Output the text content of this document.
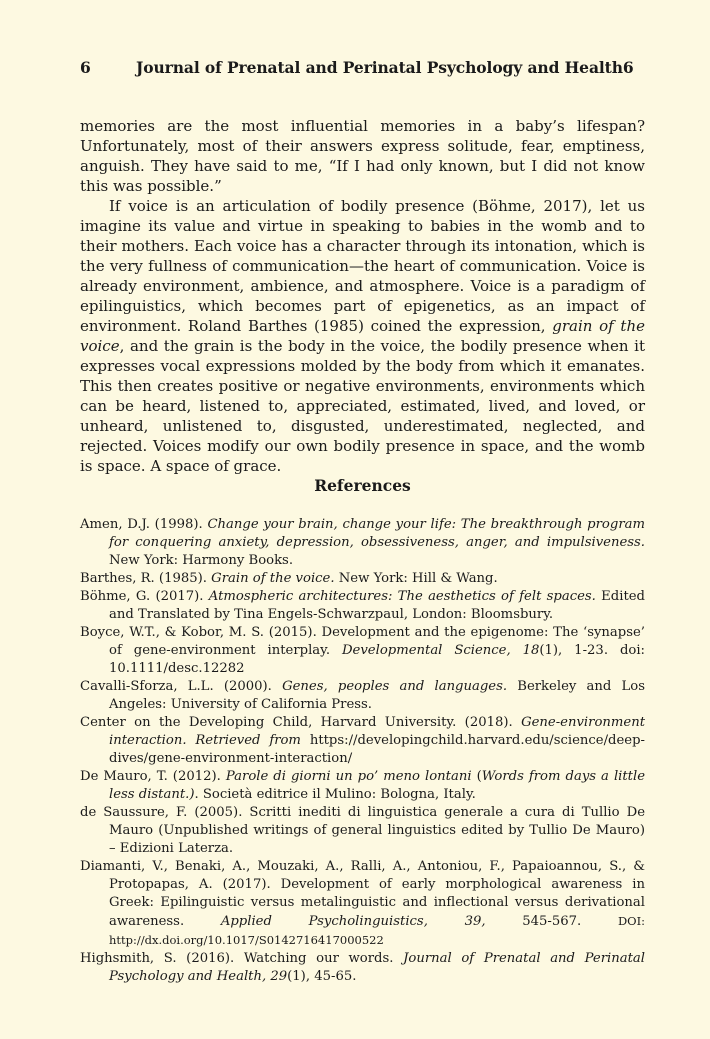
6	Journal of Prenatal and Perinatal Psychology and Health6

memories are the most influential memories in a baby’s lifespan? Unfortunately, most of their answers express solitude, fear, emptiness, anguish. They have said to me, “If I had only known, but I did not know this was possible.”

If voice is an articulation of bodily presence (Böhme, 2017), let us imagine its value and virtue in speaking to babies in the womb and to their mothers. Each voice has a character through its intonation, which is the very fullness of communication—the heart of communication. Voice is already environment, ambience, and atmosphere. Voice is a paradigm of epilinguistics, which becomes part of epigenetics, as an impact of environment. Roland Barthes (1985) coined the expression, grain of the voice, and the grain is the body in the voice, the bodily presence when it expresses vocal expressions molded by the body from which it emanates. This then creates positive or negative environments, environments which can be heard, listened to, appreciated, estimated, lived, and loved, or unheard, unlistened to, disgusted, underestimated, neglected, and rejected. Voices modify our own bodily presence in space, and the womb is space. A space of grace.

References

Amen, D.J. (1998). Change your brain, change your life: The breakthrough program for conquering anxiety, depression, obsessiveness, anger, and impulsiveness. New York: Harmony Books.

Barthes, R. (1985). Grain of the voice. New York: Hill & Wang.

Böhme, G. (2017). Atmospheric architectures: The aesthetics of felt spaces. Edited and Translated by Tina Engels-Schwarzpaul, London: Bloomsbury.

Boyce, W.T., & Kobor, M. S. (2015). Development and the epigenome: The ‘synapse’ of gene-environment interplay. Developmental Science, 18(1), 1-23. doi: 10.1111/desc.12282

Cavalli-Sforza, L.L. (2000). Genes, peoples and languages. Berkeley and Los Angeles: University of California Press.

Center on the Developing Child, Harvard University. (2018). Gene-environment interaction. Retrieved from https://developingchild.harvard.edu/science/deep-dives/gene-environment-interaction/

De Mauro, T. (2012). Parole di giorni un po’ meno lontani (Words from days a little less distant.). Società editrice il Mulino: Bologna, Italy.

de Saussure, F. (2005). Scritti inediti di linguistica generale a cura di Tullio De Mauro (Unpublished writings of general linguistics edited by Tullio De Mauro) – Edizioni Laterza.

Diamanti, V., Benaki, A., Mouzaki, A., Ralli, A., Antoniou, F., Papaioannou, S., & Protopapas, A. (2017). Development of early morphological awareness in Greek: Epilinguistic versus metalinguistic and inflectional versus derivational awareness. Applied Psycholinguistics, 39, 545-567. DOI: http://dx.doi.org/10.1017/S0142716417000522

Highsmith, S. (2016). Watching our words. Journal of Prenatal and Perinatal Psychology and Health, 29(1), 45-65.
